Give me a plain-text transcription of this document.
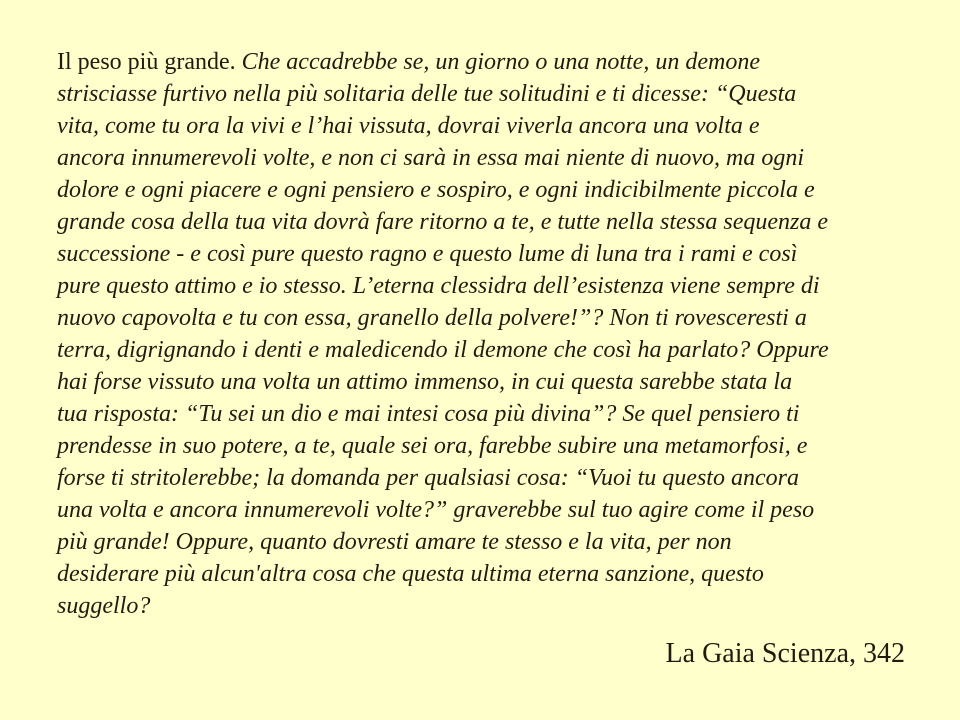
Il peso più grande. Che accadrebbe se, un giorno o una notte, un demone
strisciasse furtivo nella più solitaria delle tue solitudini e ti dicesse: “Questa
vita, come tu ora la vivi e l’hai vissuta, dovrai viverla ancora una volta e
ancora innumerevoli volte, e non ci sarà in essa mai niente di nuovo, ma ogni
dolore e ogni piacere e ogni pensiero e sospiro, e ogni indicibilmente piccola e
grande cosa della tua vita dovrà fare ritorno a te, e tutte nella stessa sequenza e
successione - e così pure questo ragno e questo lume di luna tra i rami e così
pure questo attimo e io stesso. L’eterna clessidra dell’esistenza viene sempre di
nuovo capovolta e tu con essa, granello della polvere!”? Non ti rovesceresti a
terra, digrignando i denti e maledicendo il demone che così ha parlato? Oppure
hai forse vissuto una volta un attimo immenso, in cui questa sarebbe stata la
tua risposta: “Tu sei un dio e mai intesi cosa più divina”? Se quel pensiero ti
prendesse in suo potere, a te, quale sei ora, farebbe subire una metamorfosi, e
forse ti stritolerebbe; la domanda per qualsiasi cosa: “Vuoi tu questo ancora
una volta e ancora innumerevoli volte?” graverebbe sul tuo agire come il peso
più grande! Oppure, quanto dovresti amare te stesso e la vita, per non
desiderare più alcun'altra cosa che questa ultima eterna sanzione, questo
suggello?
La Gaia Scienza, 342
